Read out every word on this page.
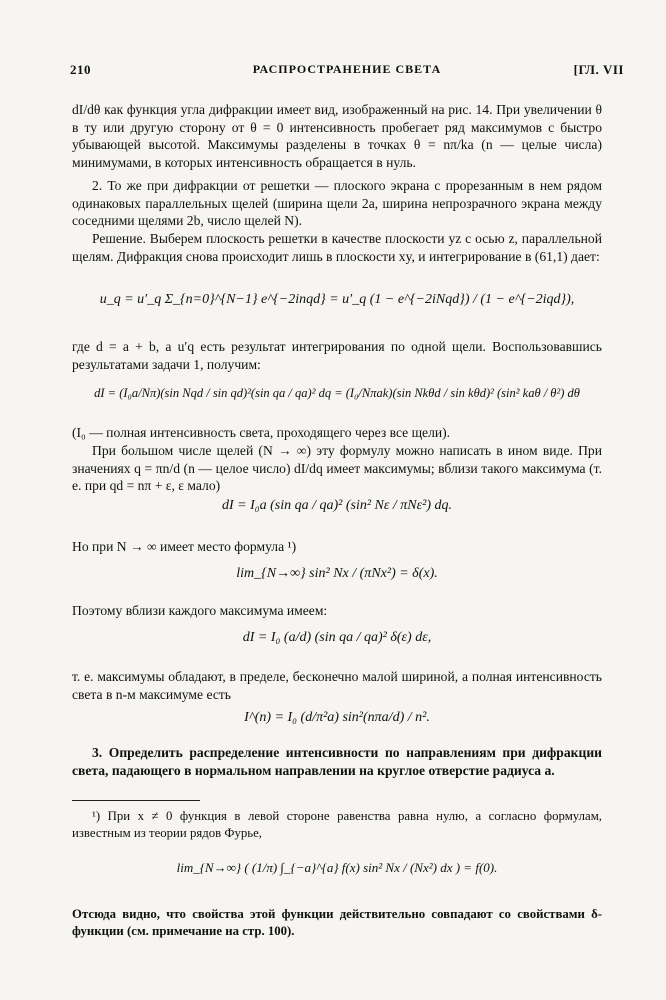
210	РАСПРОСТРАНЕНИЕ СВЕТА	[ГЛ. VII

dI/dθ как функция угла дифракции имеет вид, изображенный на рис. 14. При увеличении θ в ту или другую сторону от θ = 0 интенсивность пробегает ряд максимумов с быстро убывающей высотой. Максимумы разделены в точках θ = nπ/ka (n — целые числа) минимумами, в которых интенсивность обращается в нуль.

2. То же при дифракции от решетки — плоского экрана с прорезанным в нем рядом одинаковых параллельных щелей (ширина щели 2a, ширина непрозрачного экрана между соседними щелями 2b, число щелей N).

Решение. Выберем плоскость решетки в качестве плоскости yz с осью z, параллельной щелям. Дифракция снова происходит лишь в плоскости xy, и интегрирование в (61,1) дает:

u_q = u′_q Σ_{n=0}^{N−1} e^{−2inqd} = u′_q (1 − e^{−2iNqd}) / (1 − e^{−2iqd}),

где d = a + b, а u′q есть результат интегрирования по одной щели. Воспользовавшись результатами задачи 1, получим:

dI = (I₀a/Nπ)(sin Nqd / sin qd)²(sin qa / qa)² dq = (I₀/Nπak)(sin Nkθd / sin kθd)² (sin² kaθ / θ²) dθ

(I₀ — полная интенсивность света, проходящего через все щели).

При большом числе щелей (N → ∞) эту формулу можно написать в ином виде. При значениях q = πn/d (n — целое число) dI/dq имеет максимумы; вблизи такого максимума (т. е. при qd = nπ + ε, ε мало)

dI = I₀a (sin qa / qa)² (sin² Nε / πNε²) dq.

Но при N → ∞ имеет место формула ¹)

lim_{N→∞} sin² Nx / (πNx²) = δ(x).

Поэтому вблизи каждого максимума имеем:

dI = I₀ (a/d) (sin qa / qa)² δ(ε) dε,

т. е. максимумы обладают, в пределе, бесконечно малой шириной, а полная интенсивность света в n-м максимуме есть

I^(n) = I₀ (d/π²a) sin²(nπa/d) / n².

3. Определить распределение интенсивности по направлениям при дифракции света, падающего в нормальном направлении на круглое отверстие радиуса a.

¹) При x ≠ 0 функция в левой стороне равенства равна нулю, а согласно формулам, известным из теории рядов Фурье,

lim_{N→∞} ( (1/π) ∫_{−a}^{a} f(x) sin² Nx / (Nx²) dx ) = f(0).

Отсюда видно, что свойства этой функции действительно совпадают со свойствами δ-функции (см. примечание на стр. 100).
